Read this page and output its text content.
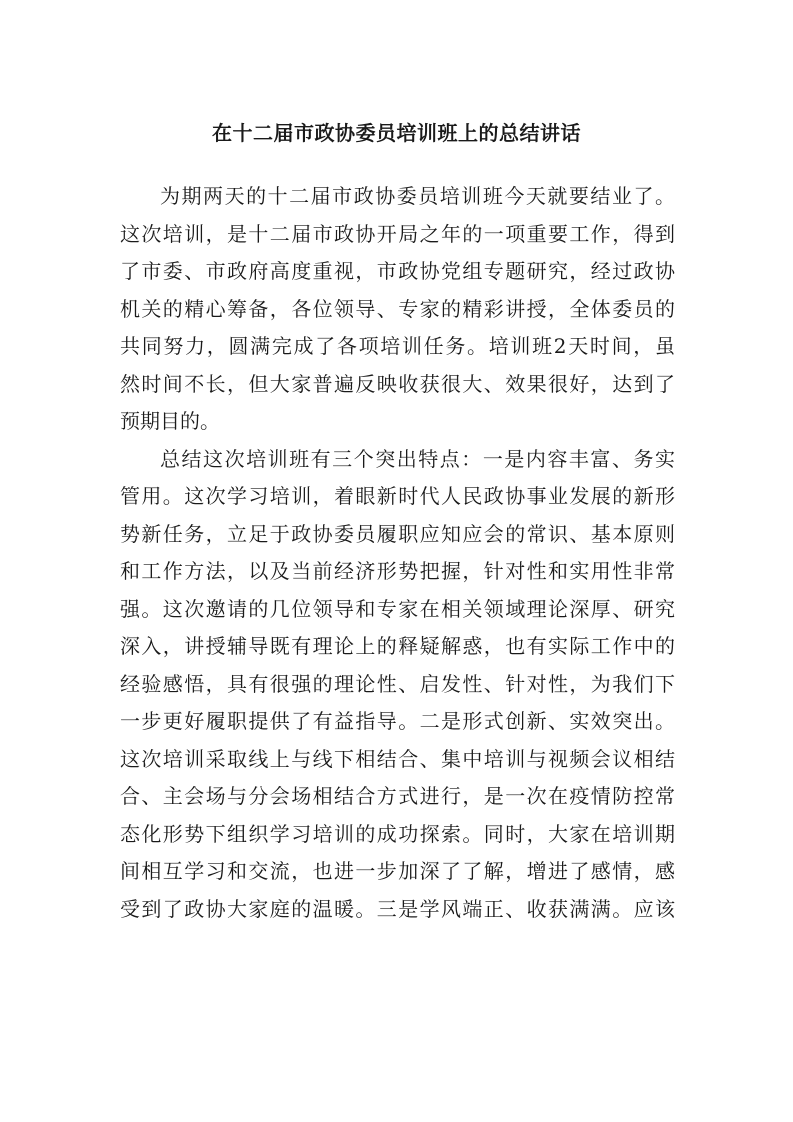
在十二届市政协委员培训班上的总结讲话
为期两天的十二届市政协委员培训班今天就要结业了。
这次培训，是十二届市政协开局之年的一项重要工作，得到
了市委、市政府高度重视，市政协党组专题研究，经过政协
机关的精心筹备，各位领导、专家的精彩讲授，全体委员的
共同努力，圆满完成了各项培训任务。培训班2天时间，虽
然时间不长，但大家普遍反映收获很大、效果很好，达到了
预期目的。
总结这次培训班有三个突出特点：一是内容丰富、务实
管用。这次学习培训，着眼新时代人民政协事业发展的新形
势新任务，立足于政协委员履职应知应会的常识、基本原则
和工作方法，以及当前经济形势把握，针对性和实用性非常
强。这次邀请的几位领导和专家在相关领域理论深厚、研究
深入，讲授辅导既有理论上的释疑解惑，也有实际工作中的
经验感悟，具有很强的理论性、启发性、针对性，为我们下
一步更好履职提供了有益指导。二是形式创新、实效突出。
这次培训采取线上与线下相结合、集中培训与视频会议相结
合、主会场与分会场相结合方式进行，是一次在疫情防控常
态化形势下组织学习培训的成功探索。同时，大家在培训期
间相互学习和交流，也进一步加深了了解，增进了感情，感
受到了政协大家庭的温暖。三是学风端正、收获满满。应该
